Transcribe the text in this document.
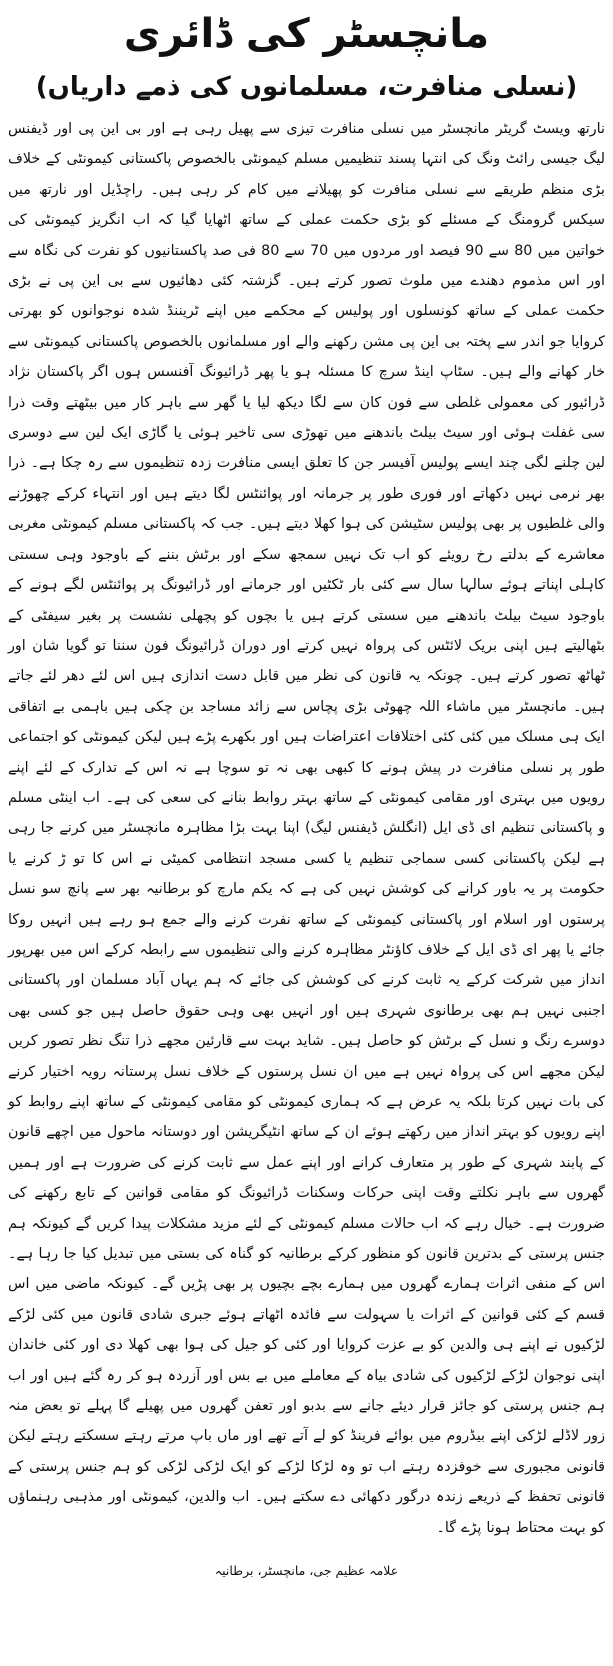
مانچسٹر کی ڈائری
(نسلی منافرت، مسلمانوں کی ذمے داریاں)

نارتھ ویسٹ گریٹر مانچسٹر میں نسلی منافرت تیزی سے پھیل رہی ہے اور بی این پی اور ڈیفنس لیگ جیسی رائٹ ونگ کی انتہا پسند تنظیمیں مسلم کیمونٹی بالخصوص پاکستانی کیمونٹی کے خلاف بڑی منظم طریقے سے نسلی منافرت کو پھیلانے میں کام کر رہی ہیں۔ راچڈیل اور نارتھ میں سیکس گرومنگ کے مسئلے کو بڑی حکمت عملی کے ساتھ اٹھایا گیا کہ اب انگریز کیمونٹی کی خواتین میں 80 سے 90 فیصد اور مردوں میں 70 سے 80 فی صد پاکستانیوں کو نفرت کی نگاہ سے اور اس مذموم دھندے میں ملوث تصور کرتے ہیں۔ گزشتہ کئی دھائیوں سے بی این پی نے بڑی حکمت عملی کے ساتھ کونسلوں اور پولیس کے محکمے میں اپنے ٹریننڈ شدہ نوجوانوں کو بھرتی کروایا جو اندر سے پختہ بی این پی مشن رکھنے والے اور مسلمانوں بالخصوص پاکستانی کیمونٹی سے خار کھانے والے ہیں۔ سٹاپ اینڈ سرچ کا مسئلہ ہو یا پھر ڈرائیونگ آفنسس ہوں اگر پاکستان نژاد ڈرائیور کی معمولی غلطی سے فون کان سے لگا دیکھ لیا یا گھر سے باہر کار میں بیٹھتے وقت ذرا سی غفلت ہوئی اور سیٹ بیلٹ باندھنے میں تھوڑی سی تاخیر ہوئی یا گاڑی ایک لین سے دوسری لین چلنے لگی چند ایسے پولیس آفیسر جن کا تعلق ایسی منافرت زدہ تنظیموں سے رہ چکا ہے۔ ذرا بھر نرمی نہیں دکھاتے اور فوری طور پر جرمانہ اور پوائنٹس لگا دیتے ہیں اور انتہاء کرکے چھوڑنے والی غلطیوں پر بھی پولیس سٹیشن کی ہوا کھلا دیتے ہیں۔ جب کہ پاکستانی مسلم کیمونٹی مغربی معاشرے کے بدلتے رخ رویئے کو اب تک نہیں سمجھ سکے اور برٹش بننے کے باوجود وہی سستی کاہلی اپناتے ہوئے سالہا سال سے کئی بار ٹکٹیں اور جرمانے اور ڈرائیونگ پر پوائنٹس لگے ہونے کے باوجود سیٹ بیلٹ باندھنے میں سستی کرتے ہیں یا بچوں کو پچھلی نشست پر بغیر سیفٹی کے بٹھالیتے ہیں اپنی بریک لائٹس کی پرواہ نہیں کرتے اور دوران ڈرائیونگ فون سننا تو گویا شان اور ٹھاٹھ تصور کرتے ہیں۔ چونکہ یہ قانون کی نظر میں قابل دست اندازی ہیں اس لئے دھر لئے جاتے ہیں۔ مانچسٹر میں ماشاء اللہ چھوٹی بڑی پچاس سے زائد مساجد بن چکی ہیں باہمی بے اتفاقی ایک ہی مسلک میں کئی کئی اختلافات اعتراضات ہیں اور بکھرے پڑے ہیں لیکن کیمونٹی کو اجتماعی طور پر نسلی منافرت در پیش ہونے کا کبھی بھی نہ تو سوچا ہے نہ اس کے تدارک کے لئے اپنے رویوں میں بہتری اور مقامی کیمونٹی کے ساتھ بہتر روابط بنانے کی سعی کی ہے۔ اب اینٹی مسلم و پاکستانی تنظیم ای ڈی ایل (انگلش ڈیفنس لیگ) اپنا بہت بڑا مظاہرہ مانچسٹر میں کرنے جا رہی ہے لیکن پاکستانی کسی سماجی تنظیم یا کسی مسجد انتظامی کمیٹی نے اس کا تو ڑ کرنے یا حکومت پر یہ باور کرانے کی کوشش نہیں کی ہے کہ یکم مارچ کو برطانیہ بھر سے پانچ سو نسل پرستوں اور اسلام اور پاکستانی کیمونٹی کے ساتھ نفرت کرنے والے جمع ہو رہے ہیں انہیں روکا جائے یا پھر ای ڈی ایل کے خلاف کاؤنٹر مظاہرہ کرنے والی تنظیموں سے رابطہ کرکے اس میں بھرپور انداز میں شرکت کرکے یہ ثابت کرنے کی کوشش کی جائے کہ ہم یہاں آباد مسلمان اور پاکستانی اجنبی نہیں ہم بھی برطانوی شہری ہیں اور انہیں بھی وہی حقوق حاصل ہیں جو کسی بھی دوسرے رنگ و نسل کے برٹش کو حاصل ہیں۔ شاید بہت سے قارئین مجھے ذرا تنگ نظر تصور کریں لیکن مجھے اس کی پرواہ نہیں ہے میں ان نسل پرستوں کے خلاف نسل پرستانہ رویہ اختیار کرنے کی بات نہیں کرتا بلکہ یہ عرض ہے کہ ہماری کیمونٹی کو مقامی کیمونٹی کے ساتھ اپنے روابط کو اپنے رویوں کو بہتر انداز میں رکھتے ہوئے ان کے ساتھ انٹیگریشن اور دوستانہ ماحول میں اچھے قانون کے پابند شہری کے طور پر متعارف کرانے اور اپنے عمل سے ثابت کرنے کی ضرورت ہے اور ہمیں گھروں سے باہر نکلتے وقت اپنی حرکات وسکنات ڈرائیونگ کو مقامی قوانین کے تابع رکھنے کی ضرورت ہے۔ خیال رہے کہ اب حالات مسلم کیمونٹی کے لئے مزید مشکلات پیدا کریں گے کیونکہ ہم جنس پرستی کے بدترین قانون کو منظور کرکے برطانیہ کو گناہ کی بستی میں تبدیل کیا جا رہا ہے۔ اس کے منفی اثرات ہمارے گھروں میں ہمارے بچے بچیوں پر بھی پڑیں گے۔ کیونکہ ماضی میں اس قسم کے کئی قوانین کے اثرات یا سہولت سے فائدہ اٹھاتے ہوئے جبری شادی قانون میں کئی لڑکے لڑکیوں نے اپنے ہی والدین کو بے عزت کروایا اور کئی کو جیل کی ہوا بھی کھلا دی اور کئی خاندان اپنی نوجوان لڑکے لڑکیوں کی شادی بیاہ کے معاملے میں بے بس اور آزردہ ہو کر رہ گئے ہیں اور اب ہم جنس پرستی کو جائز قرار دیئے جانے سے بدبو اور تعفن گھروں میں پھیلے گا پہلے تو بعض منہ زور لاڈلے لڑکی اپنے بیڈروم میں بوائے فرینڈ کو لے آتے تھے اور ماں باپ مرتے رہتے سسکتے رہتے لیکن قانونی مجبوری سے خوفزدہ رہتے اب تو وہ لڑکا لڑکے کو ایک لڑکی لڑکی کو ہم جنس پرستی کے قانونی تحفظ کے ذریعے زندہ درگور دکھائی دے سکتے ہیں۔ اب والدین، کیمونٹی اور مذہبی رہنماؤں کو بہت محتاط ہونا پڑے گا۔

علامہ عظیم جی، مانچسٹر، برطانیہ
